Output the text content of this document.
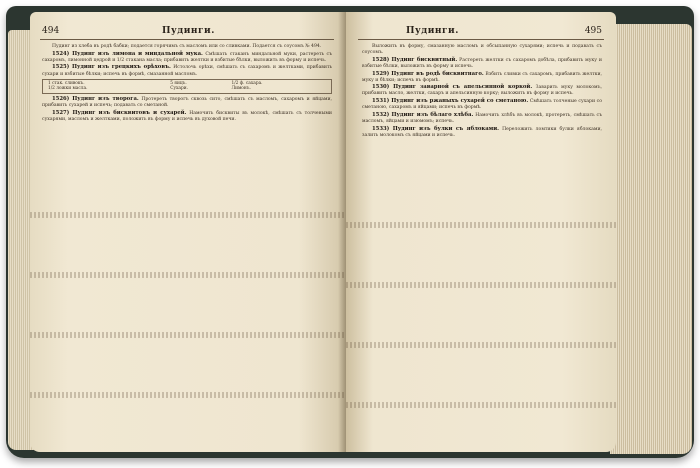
494	Пудинги.

Пудинг из хлеба въ родѣ бабки; подается горячимъ съ масломъ или со сливками. Подается съ соусомъ № 494.

1524) Пудинг изъ лимона и миндальной мука. Смѣшать стаканъ миндальной муки, растереть съ сахаромъ, лимонной цедрой и 1/2 стакана масла; прибавить желтки и взбитые бѣлки, выложить въ форму и испечь.

1525) Пудинг изъ грецкихъ орѣховъ. Истолочь орѣхи, смѣшать съ сахаромъ и желтками, прибавить сухари и взбитые бѣлки; испечь въ формѣ, смазанной масломъ.

1 стак. сливокъ.	5 яицъ.	1/2 ф. сахара.
1/2 ложки масла.	Сухари.	Лимонъ.

1526) Пудинг изъ творога. Протереть творогъ сквозь сито, смѣшать съ масломъ, сахаромъ и яйцами, прибавить сухарей и испечь; подавать со сметаной.

1527) Пудинг изъ бисквитовъ и сухарей. Намочить бисквиты въ молокѣ, смѣшать съ толчеными сухарями, масломъ и желтками, положить въ форму и испечь въ духовой печи.

Пудинги.	495

Выложить въ форму, смазанную масломъ и обсыпанную сухарями; испечь и подавать съ соусомъ.

1528) Пудинг бисквитный. Растереть желтки съ сахаромъ добѣла, прибавить муку и взбитые бѣлки, выложить въ форму и испечь.

1529) Пудинг въ родѣ бисквитнаго. Взбить сливки съ сахаромъ, прибавить желтки, муку и бѣлки; испечь въ формѣ.

1530) Пудинг заварной съ апельсинной коркой. Заварить муку молокомъ, прибавить масло, желтки, сахаръ и апельсинную корку; выложить въ форму и испечь.

1531) Пудинг изъ ржаныхъ сухарей со сметаною. Смѣшать толченые сухари со сметаною, сахаромъ и яйцами; испечь въ формѣ.

1532) Пудинг изъ бѣлаго хлѣба. Намочить хлѣбъ въ молокѣ, протереть, смѣшать съ масломъ, яйцами и изюмомъ; испечь.

1533) Пудинг изъ булки съ яблоками. Переложить ломтики булки яблоками, залить молокомъ съ яйцами и испечь.
